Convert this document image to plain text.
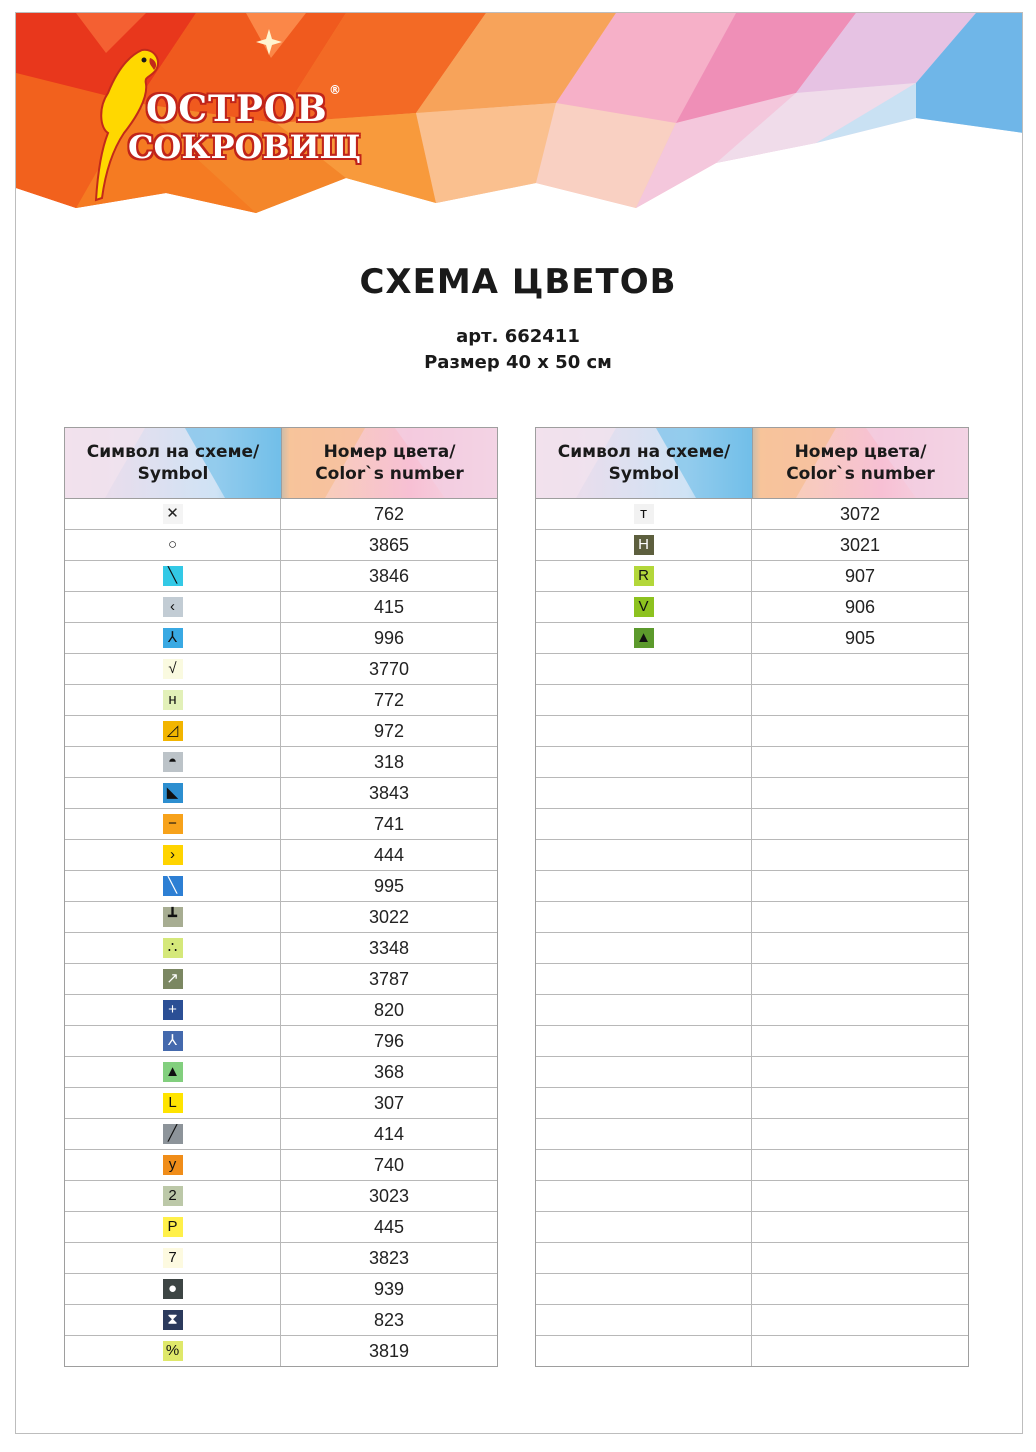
ОСТРОВ ®
СОКРОВИЩ
СХЕМА ЦВЕТОВ
арт. 662411
Размер 40 х 50 см
Символ на схеме/
Symbol
Номер цвета/
Color`s number
✕	762
○	3865
╲	3846
‹	415
⅄	996
√	3770
н	772
◿	972
◓	318
◣	3843
−	741
›	444
╲	995
┻	3022
∴	3348
↗	3787
+	820
⅄	796
▲	368
L	307
╱	414
у	740
2	3023
P	445
7	3823
●	939
⧗	823
%	3819
Символ на схеме/
Symbol
Номер цвета/
Color`s number
т	3072
H	3021
R	907
V	906
▲	905
